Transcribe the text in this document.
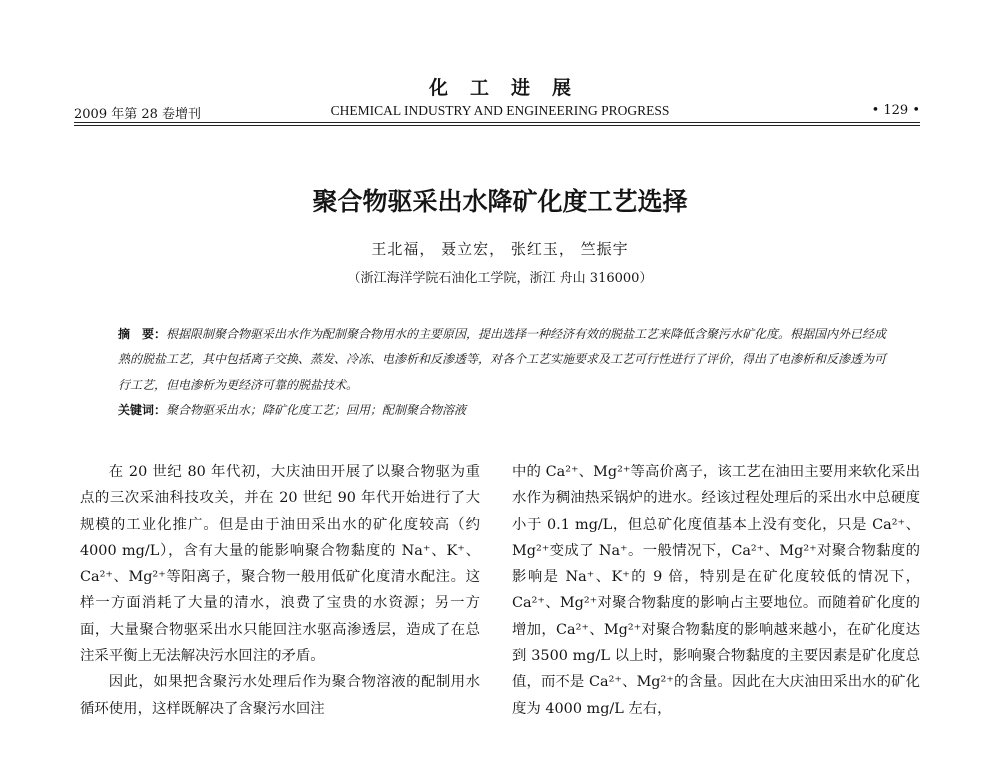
化工进展
2009 年第 28 卷增刊	CHEMICAL INDUSTRY AND ENGINEERING PROGRESS	• 129 •
聚合物驱采出水降矿化度工艺选择
王北福， 聂立宏， 张红玉， 竺振宇
（浙江海洋学院石油化工学院，浙江 舟山 316000）

摘　要：根据限制聚合物驱采出水作为配制聚合物用水的主要原因，提出选择一种经济有效的脱盐工艺来降低含聚污水矿化度。根据国内外已经成熟的脱盐工艺，其中包括离子交换、蒸发、冷冻、电渗析和反渗透等，对各个工艺实施要求及工艺可行性进行了评价，得出了电渗析和反渗透为可行工艺，但电渗析为更经济可靠的脱盐技术。

关键词：聚合物驱采出水；降矿化度工艺；回用；配制聚合物溶液

在 20 世纪 80 年代初，大庆油田开展了以聚合物驱为重点的三次采油科技攻关，并在 20 世纪 90 年代开始进行了大规模的工业化推广。但是由于油田采出水的矿化度较高（约 4000 mg/L），含有大量的能影响聚合物黏度的 Na⁺、K⁺、Ca²⁺、Mg²⁺等阳离子，聚合物一般用低矿化度清水配注。这样一方面消耗了大量的清水，浪费了宝贵的水资源；另一方面，大量聚合物驱采出水只能回注水驱高渗透层，造成了在总注采平衡上无法解决污水回注的矛盾。

因此，如果把含聚污水处理后作为聚合物溶液的配制用水循环使用，这样既解决了含聚污水回注

中的 Ca²⁺、Mg²⁺等高价离子，该工艺在油田主要用来软化采出水作为稠油热采锅炉的进水。经该过程处理后的采出水中总硬度小于 0.1 mg/L，但总矿化度值基本上没有变化，只是 Ca²⁺、Mg²⁺变成了 Na⁺。一般情况下，Ca²⁺、Mg²⁺对聚合物黏度的影响是 Na⁺、K⁺的 9 倍，特别是在矿化度较低的情况下，Ca²⁺、Mg²⁺对聚合物黏度的影响占主要地位。而随着矿化度的增加，Ca²⁺、Mg²⁺对聚合物黏度的影响越来越小，在矿化度达到 3500 mg/L 以上时，影响聚合物黏度的主要因素是矿化度总值，而不是 Ca²⁺、Mg²⁺的含量。因此在大庆油田采出水的矿化度为 4000 mg/L 左右，
